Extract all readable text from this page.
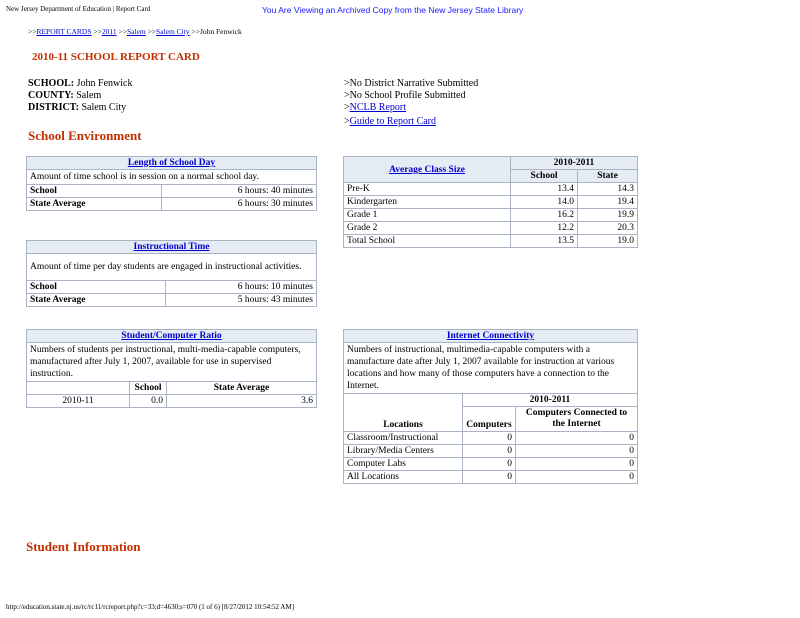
New Jersey Department of Education | Report Card	You Are Viewing an Archived Copy from the New Jersey State Library
>>REPORT CARDS >>2011 >>Salem >>Salem City >>John Fenwick
2010-11 SCHOOL REPORT CARD
SCHOOL: John Fenwick
COUNTY: Salem
DISTRICT: Salem City
>No District Narrative Submitted
>No School Profile Submitted
>NCLB Report
>Guide to Report Card
School Environment
Length of School Day	
Amount of time school is in session on a normal school day.	
School	6 hours: 40 minutes
State Average	6 hours: 30 minutes
Instructional Time	
Amount of time per day students are engaged in instructional activities.	
School	6 hours: 10 minutes
State Average	5 hours: 43 minutes
Student/Computer Ratio		
Numbers of students per instructional, multi-media-capable computers, manufactured after July 1, 2007, available for use in supervised instruction.		
	School	State Average
2010-11	0.0	3.6
Average Class Size	2010-2011	
	School	State
Pre-K	13.4	14.3
Kindergarten	14.0	19.4
Grade 1	16.2	19.9
Grade 2	12.2	20.3
Total School	13.5	19.0
Internet Connectivity		
Numbers of instructional, multimedia-capable computers with a manufacture date after July 1, 2007 available for instruction at various locations and how many of those computers have a connection to the Internet.		
Locations	2010-2011	
	Computers	Computers Connected to the Internet
Classroom/Instructional	0	0
Library/Media Centers	0	0
Computer Labs	0	0
All Locations	0	0
Student Information
http://education.state.nj.us/rc/rc11/rcreport.php?c=33;d=4630;s=070 (1 of 6) [8/27/2012 10:54:52 AM]
